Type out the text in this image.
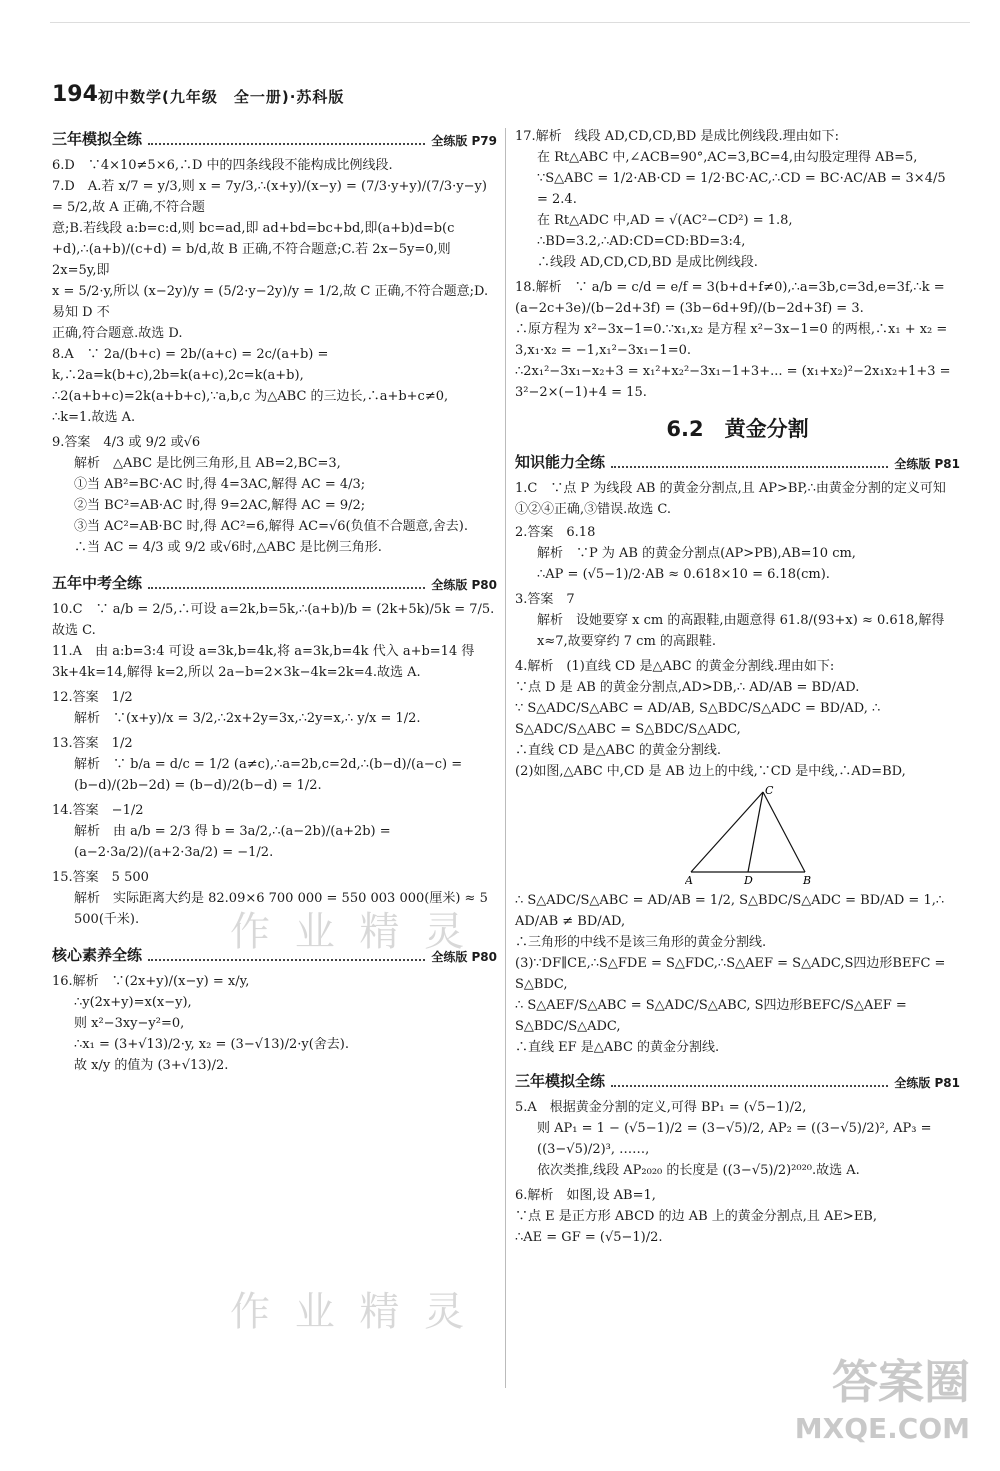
194 初中数学(九年级　全一册)·苏科版
三年模拟全练	全练版 P79
6.D　∵4×10≠5×6,∴D 中的四条线段不能构成比例线段.
7.D　A.若 x/7 = y/3,则 x = 7y/3,∴(x+y)/(x−y) = (7/3·y+y)/(7/3·y−y) = 5/2,故 A 正确,不符合题
意;B.若线段 a:b=c:d,则 bc=ad,即 ad+bd=bc+bd,即(a+b)d=b(c
+d),∴(a+b)/(c+d) = b/d,故 B 正确,不符合题意;C.若 2x−5y=0,则 2x=5y,即
x = 5/2·y,所以 (x−2y)/y = (5/2·y−2y)/y = 1/2,故 C 正确,不符合题意;D.易知 D 不
正确,符合题意.故选 D.
8.A　∵ 2a/(b+c) = 2b/(a+c) = 2c/(a+b) = k,∴2a=k(b+c),2b=k(a+c),2c=k(a+b),
∴2(a+b+c)=2k(a+b+c),∵a,b,c 为△ABC 的三边长,∴a+b+c≠0,
∴k=1.故选 A.
9.答案　4/3 或 9/2 或√6
解析　△ABC 是比例三角形,且 AB=2,BC=3,
①当 AB²=BC·AC 时,得 4=3AC,解得 AC = 4/3;
②当 BC²=AB·AC 时,得 9=2AC,解得 AC = 9/2;
③当 AC²=AB·BC 时,得 AC²=6,解得 AC=√6(负值不合题意,舍去).
∴当 AC = 4/3 或 9/2 或√6时,△ABC 是比例三角形.
五年中考全练	全练版 P80
10.C　∵ a/b = 2/5,∴可设 a=2k,b=5k,∴(a+b)/b = (2k+5k)/5k = 7/5.故选 C.
11.A　由 a:b=3:4 可设 a=3k,b=4k,将 a=3k,b=4k 代入 a+b=14 得 3k+4k=14,解得 k=2,所以 2a−b=2×3k−4k=2k=4.故选 A.
12.答案　1/2
解析　∵(x+y)/x = 3/2,∴2x+2y=3x,∴2y=x,∴ y/x = 1/2.
13.答案　1/2
解析　∵ b/a = d/c = 1/2 (a≠c),∴a=2b,c=2d,∴(b−d)/(a−c) = (b−d)/(2b−2d) = (b−d)/2(b−d) = 1/2.
14.答案　−1/2
解析　由 a/b = 2/3 得 b = 3a/2,∴(a−2b)/(a+2b) = (a−2·3a/2)/(a+2·3a/2) = −1/2.
15.答案　5 500
解析　实际距离大约是 82.09×6 700 000 = 550 003 000(厘米) ≈ 5 500(千米).
核心素养全练	全练版 P80
16.解析　∵(2x+y)/(x−y) = x/y,
∴y(2x+y)=x(x−y),
则 x²−3xy−y²=0,
∴x₁ = (3+√13)/2·y, x₂ = (3−√13)/2·y(舍去).
故 x/y 的值为 (3+√13)/2.
17.解析　线段 AD,CD,CD,BD 是成比例线段.理由如下:
在 Rt△ABC 中,∠ACB=90°,AC=3,BC=4,由勾股定理得 AB=5,
∵S△ABC = 1/2·AB·CD = 1/2·BC·AC,∴CD = BC·AC/AB = 3×4/5 = 2.4.
在 Rt△ADC 中,AD = √(AC²−CD²) = 1.8,
∴BD=3.2,∴AD:CD=CD:BD=3:4,
∴线段 AD,CD,CD,BD 是成比例线段.
18.解析　∵ a/b = c/d = e/f = 3(b+d+f≠0),∴a=3b,c=3d,e=3f,∴k =
(a−2c+3e)/(b−2d+3f) = (3b−6d+9f)/(b−2d+3f) = 3.
∴原方程为 x²−3x−1=0.∵x₁,x₂ 是方程 x²−3x−1=0 的两根,∴x₁ + x₂ = 3,x₁·x₂ = −1,x₁²−3x₁−1=0.
∴2x₁²−3x₁−x₂+3 = x₁²+x₂²−3x₁−1+3+... = (x₁+x₂)²−2x₁x₂+1+3 = 3²−2×(−1)+4 = 15.
6.2　黄金分割
知识能力全练	全练版 P81
1.C　∵点 P 为线段 AB 的黄金分割点,且 AP>BP,∴由黄金分割的定义可知①②④正确,③错误.故选 C.
2.答案　6.18
解析　∵P 为 AB 的黄金分割点(AP>PB),AB=10 cm,
∴AP = (√5−1)/2·AB ≈ 0.618×10 = 6.18(cm).
3.答案　7
解析　设她要穿 x cm 的高跟鞋,由题意得 61.8/(93+x) ≈ 0.618,解得 x≈7,故要穿约 7 cm 的高跟鞋.
4.解析　(1)直线 CD 是△ABC 的黄金分割线.理由如下:
∵点 D 是 AB 的黄金分割点,AD>DB,∴ AD/AB = BD/AD.
∵ S△ADC/S△ABC = AD/AB, S△BDC/S△ADC = BD/AD, ∴ S△ADC/S△ABC = S△BDC/S△ADC,
∴直线 CD 是△ABC 的黄金分割线.
(2)如图,△ABC 中,CD 是 AB 边上的中线,∵CD 是中线,∴AD=BD,
C
A	D	B
∴ S△ADC/S△ABC = AD/AB = 1/2, S△BDC/S△ADC = BD/AD = 1,∴ AD/AB ≠ BD/AD,
∴三角形的中线不是该三角形的黄金分割线.
(3)∵DF∥CE,∴S△FDE = S△FDC,∴S△AEF = S△ADC,S四边形BEFC = S△BDC,
∴ S△AEF/S△ABC = S△ADC/S△ABC, S四边形BEFC/S△AEF = S△BDC/S△ADC,
∴直线 EF 是△ABC 的黄金分割线.
三年模拟全练	全练版 P81
5.A　根据黄金分割的定义,可得 BP₁ = (√5−1)/2,
则 AP₁ = 1 − (√5−1)/2 = (3−√5)/2, AP₂ = ((3−√5)/2)², AP₃ = ((3−√5)/2)³, ……,
依次类推,线段 AP₂₀₂₀ 的长度是 ((3−√5)/2)²⁰²⁰.故选 A.
6.解析　如图,设 AB=1,
∵点 E 是正方形 ABCD 的边 AB 上的黄金分割点,且 AE>EB,
∴AE = GF = (√5−1)/2.
作 业 精 灵
作 业 精 灵
答案圈
MXQE.COM
